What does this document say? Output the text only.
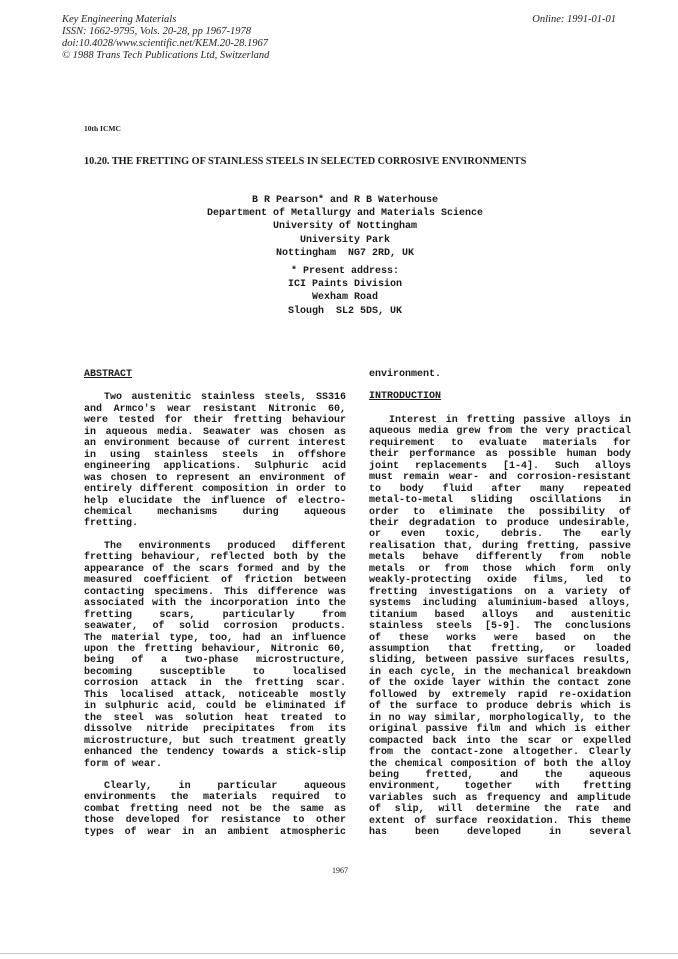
Key Engineering Materials
ISSN: 1662-9795, Vols. 20-28, pp 1967-1978
doi:10.4028/www.scientific.net/KEM.20-28.1967
© 1988 Trans Tech Publications Ltd, Switzerland
Online: 1991-01-01
10th ICMC
10.20. THE FRETTING OF STAINLESS STEELS IN SELECTED CORROSIVE ENVIRONMENTS
B R Pearson* and R B Waterhouse
Department of Metallurgy and Materials Science
University of Nottingham
University Park
Nottingham  NG7 2RD, UK
* Present address:
ICI Paints Division
Wexham Road
Slough  SL2 5DS, UK
ABSTRACT

Two austenitic stainless steels, SS316

and Armco's wear resistant Nitronic 60,

were tested for their fretting behaviour

in aqueous media. Seawater was chosen as

an environment because of current interest

in using stainless steels in offshore

engineering applications. Sulphuric acid

was chosen to represent an environment of

entirely different composition in order to

help elucidate the influence of electro-

chemical mechanisms during aqueous

fretting.

The environments produced different

fretting behaviour, reflected both by the

appearance of the scars formed and by the

measured coefficient of friction between

contacting specimens. This difference was

associated with the incorporation into the

fretting scars, particularly from

seawater, of solid corrosion products.

The material type, too, had an influence

upon the fretting behaviour, Nitronic 60,

being of a two-phase microstructure,

becoming susceptible to localised

corrosion attack in the fretting scar.

This localised attack, noticeable mostly

in sulphuric acid, could be eliminated if

the steel was solution heat treated to

dissolve nitride precipitates from its

microstructure, but such treatment greatly

enhanced the tendency towards a stick-slip

form of wear.

Clearly, in particular aqueous

environments the materials required to

combat fretting need not be the same as

those developed for resistance to other

types of wear in an ambient atmospheric

environment.
INTRODUCTION

Interest in fretting passive alloys in

aqueous media grew from the very practical

requirement to evaluate materials for

their performance as possible human body

joint replacements [1-4]. Such alloys

must remain wear- and corrosion-resistant

to body fluid after many repeated

metal-to-metal sliding oscillations in

order to eliminate the possibility of

their degradation to produce undesirable,

or even toxic, debris. The early

realisation that, during fretting, passive

metals behave differently from noble

metals or from those which form only

weakly-protecting oxide films, led to

fretting investigations on a variety of

systems including aluminium-based alloys,

titanium based alloys and austenitic

stainless steels [5-9]. The conclusions

of these works were based on the

assumption that fretting, or loaded

sliding, between passive surfaces results,

in each cycle, in the mechanical breakdown

of the oxide layer within the contact zone

followed by extremely rapid re-oxidation

of the surface to produce debris which is

in no way similar, morphologically, to the

original passive film and which is either

compacted back into the scar or expelled

from the contact-zone altogether. Clearly

the chemical composition of both the alloy

being fretted, and the aqueous

environment, together with fretting

variables such as frequency and amplitude

of slip, will determine the rate and

extent of surface reoxidation. This theme

has been developed in several

1967
